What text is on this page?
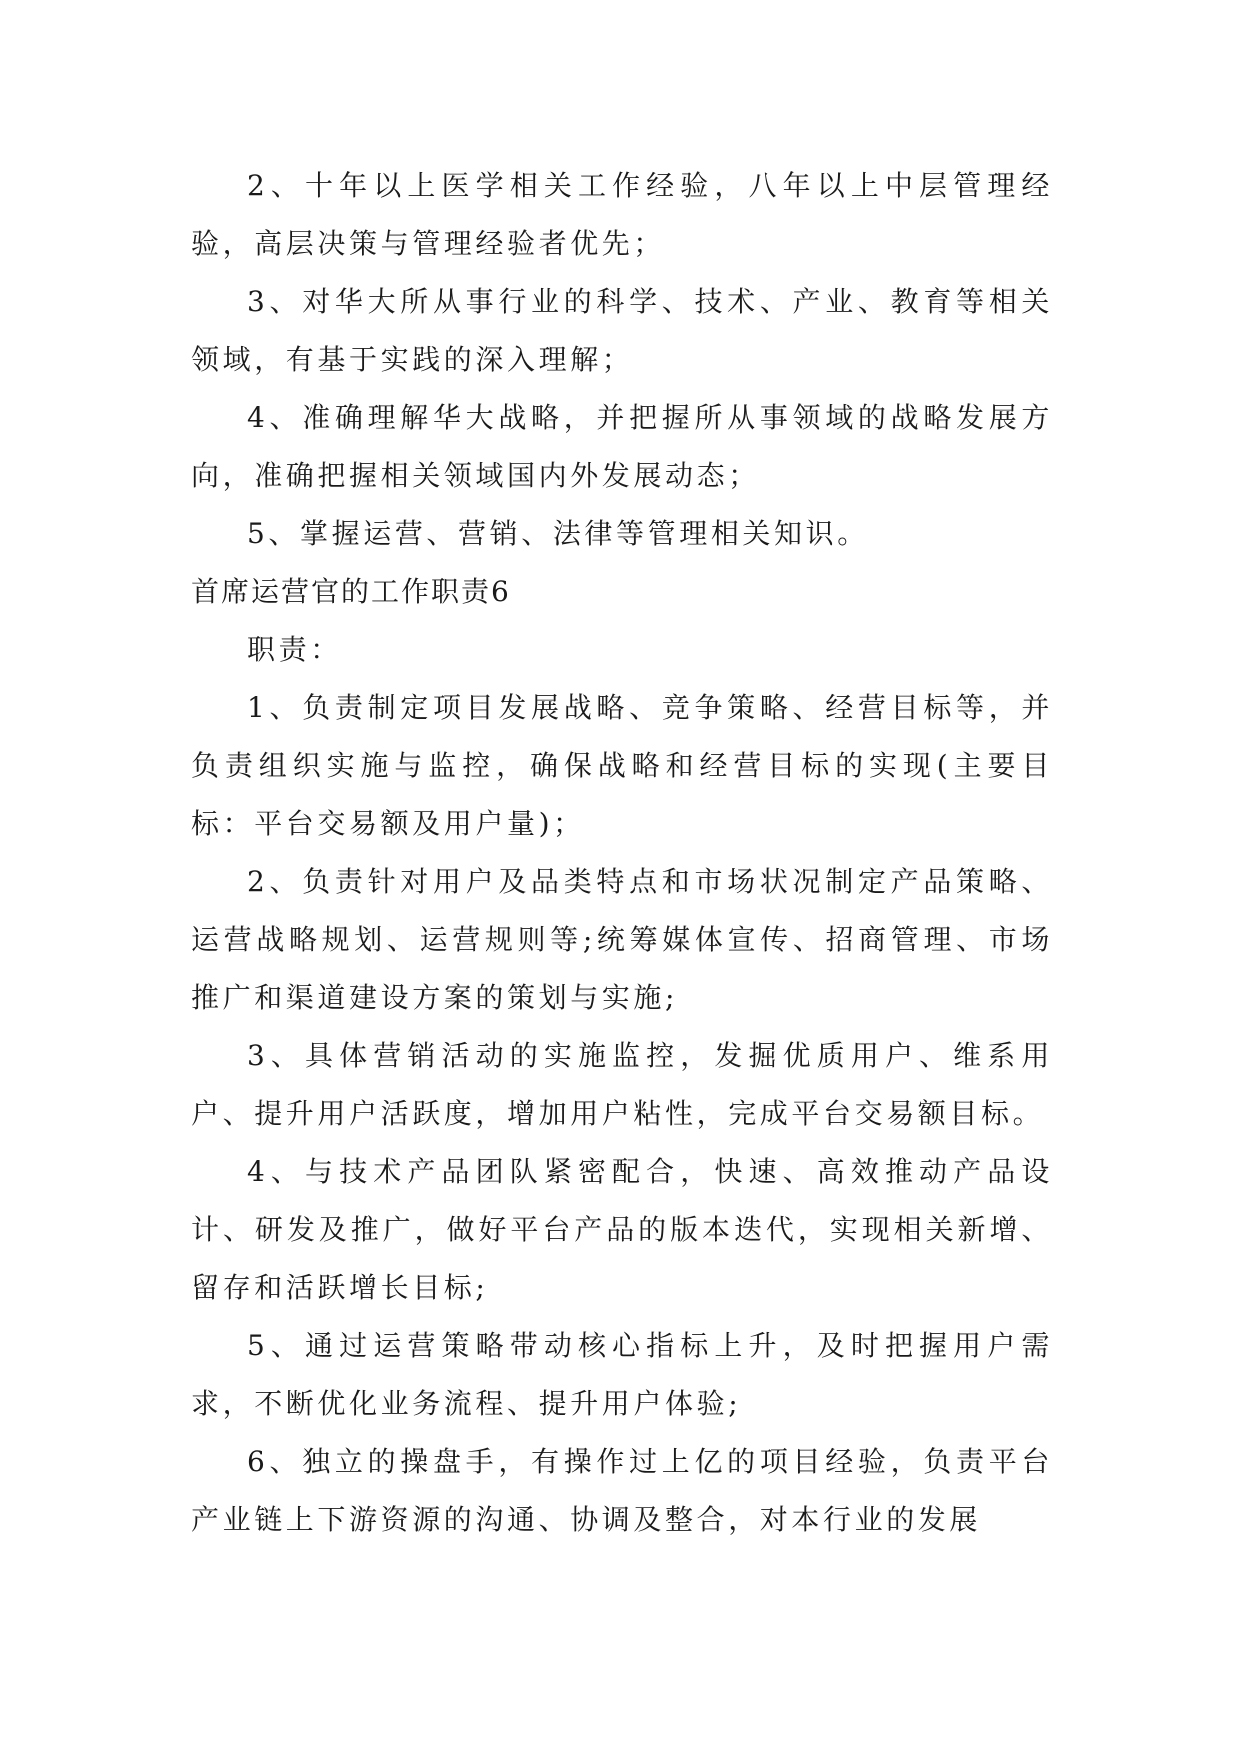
2、十年以上医学相关工作经验，八年以上中层管理经验，高层决策与管理经验者优先；

3、对华大所从事行业的科学、技术、产业、教育等相关领域，有基于实践的深入理解；

4、准确理解华大战略，并把握所从事领域的战略发展方向，准确把握相关领域国内外发展动态；

5、掌握运营、营销、法律等管理相关知识。

首席运营官的工作职责6

职责：

1、负责制定项目发展战略、竞争策略、经营目标等，并负责组织实施与监控，确保战略和经营目标的实现(主要目标：平台交易额及用户量)；

2、负责针对用户及品类特点和市场状况制定产品策略、运营战略规划、运营规则等;统筹媒体宣传、招商管理、市场推广和渠道建设方案的策划与实施;

3、具体营销活动的实施监控，发掘优质用户、维系用户、提升用户活跃度，增加用户粘性，完成平台交易额目标。

4、与技术产品团队紧密配合，快速、高效推动产品设计、研发及推广，做好平台产品的版本迭代，实现相关新增、留存和活跃增长目标;

5、通过运营策略带动核心指标上升，及时把握用户需求，不断优化业务流程、提升用户体验;

6、独立的操盘手，有操作过上亿的项目经验，负责平台产业链上下游资源的沟通、协调及整合，对本行业的发展
